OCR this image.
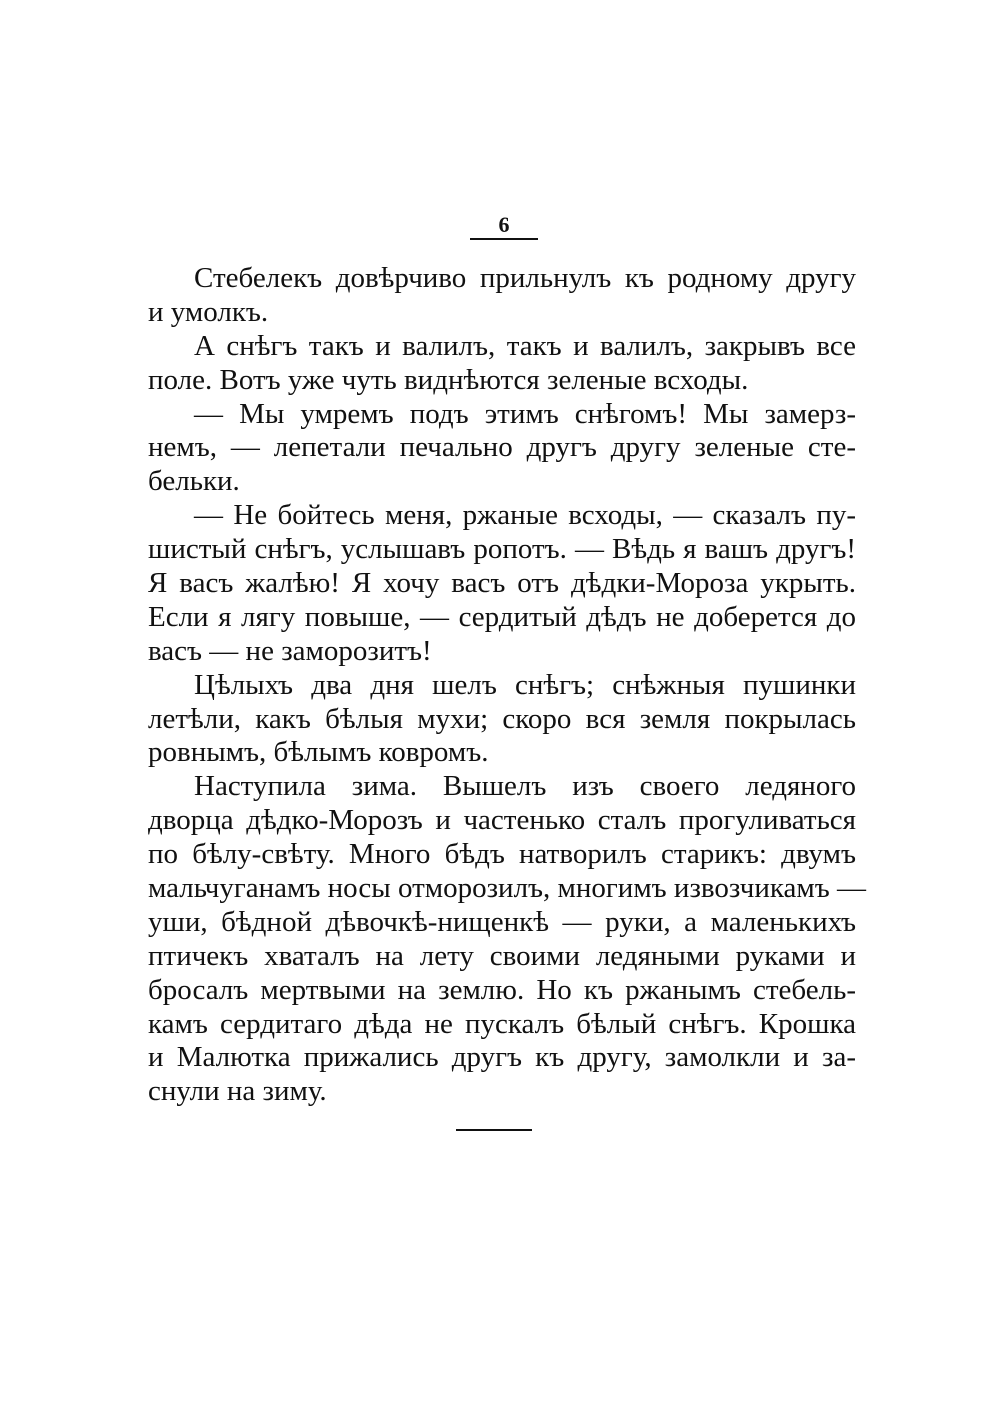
6
Стебелекъ довѣрчиво прильнулъ къ родному другу
и умолкъ.
А снѣгъ такъ и валилъ, такъ и валилъ, закрывъ все
поле. Вотъ уже чуть виднѣются зеленые всходы.
— Мы умремъ подъ этимъ снѣгомъ! Мы замерз-
немъ, — лепетали печально другъ другу зеленые сте-
бельки.
— Не бойтесь меня, ржаные всходы, — сказалъ пу-
шистый снѣгъ, услышавъ ропотъ. — Вѣдь я вашъ другъ!
Я васъ жалѣю! Я хочу васъ отъ дѣдки-Мороза укрыть.
Если я лягу повыше, — сердитый дѣдъ не доберется до
васъ — не заморозитъ!
Цѣлыхъ два дня шелъ снѣгъ; снѣжныя пушинки
летѣли, какъ бѣлыя мухи; скоро вся земля покрылась
ровнымъ, бѣлымъ ковромъ.
Наступила зима. Вышелъ изъ своего ледяного
дворца дѣдко-Морозъ и частенько сталъ прогуливаться
по бѣлу-свѣту. Много бѣдъ натворилъ старикъ: двумъ
мальчуганамъ носы отморозилъ, многимъ извозчикамъ —
уши, бѣдной дѣвочкѣ-нищенкѣ — руки, а маленькихъ
птичекъ хваталъ на лету своими ледяными руками и
бросалъ мертвыми на землю. Но къ ржанымъ стебель-
камъ сердитаго дѣда не пускалъ бѣлый снѣгъ. Крошка
и Малютка прижались другъ къ другу, замолкли и за-
снули на зиму.
